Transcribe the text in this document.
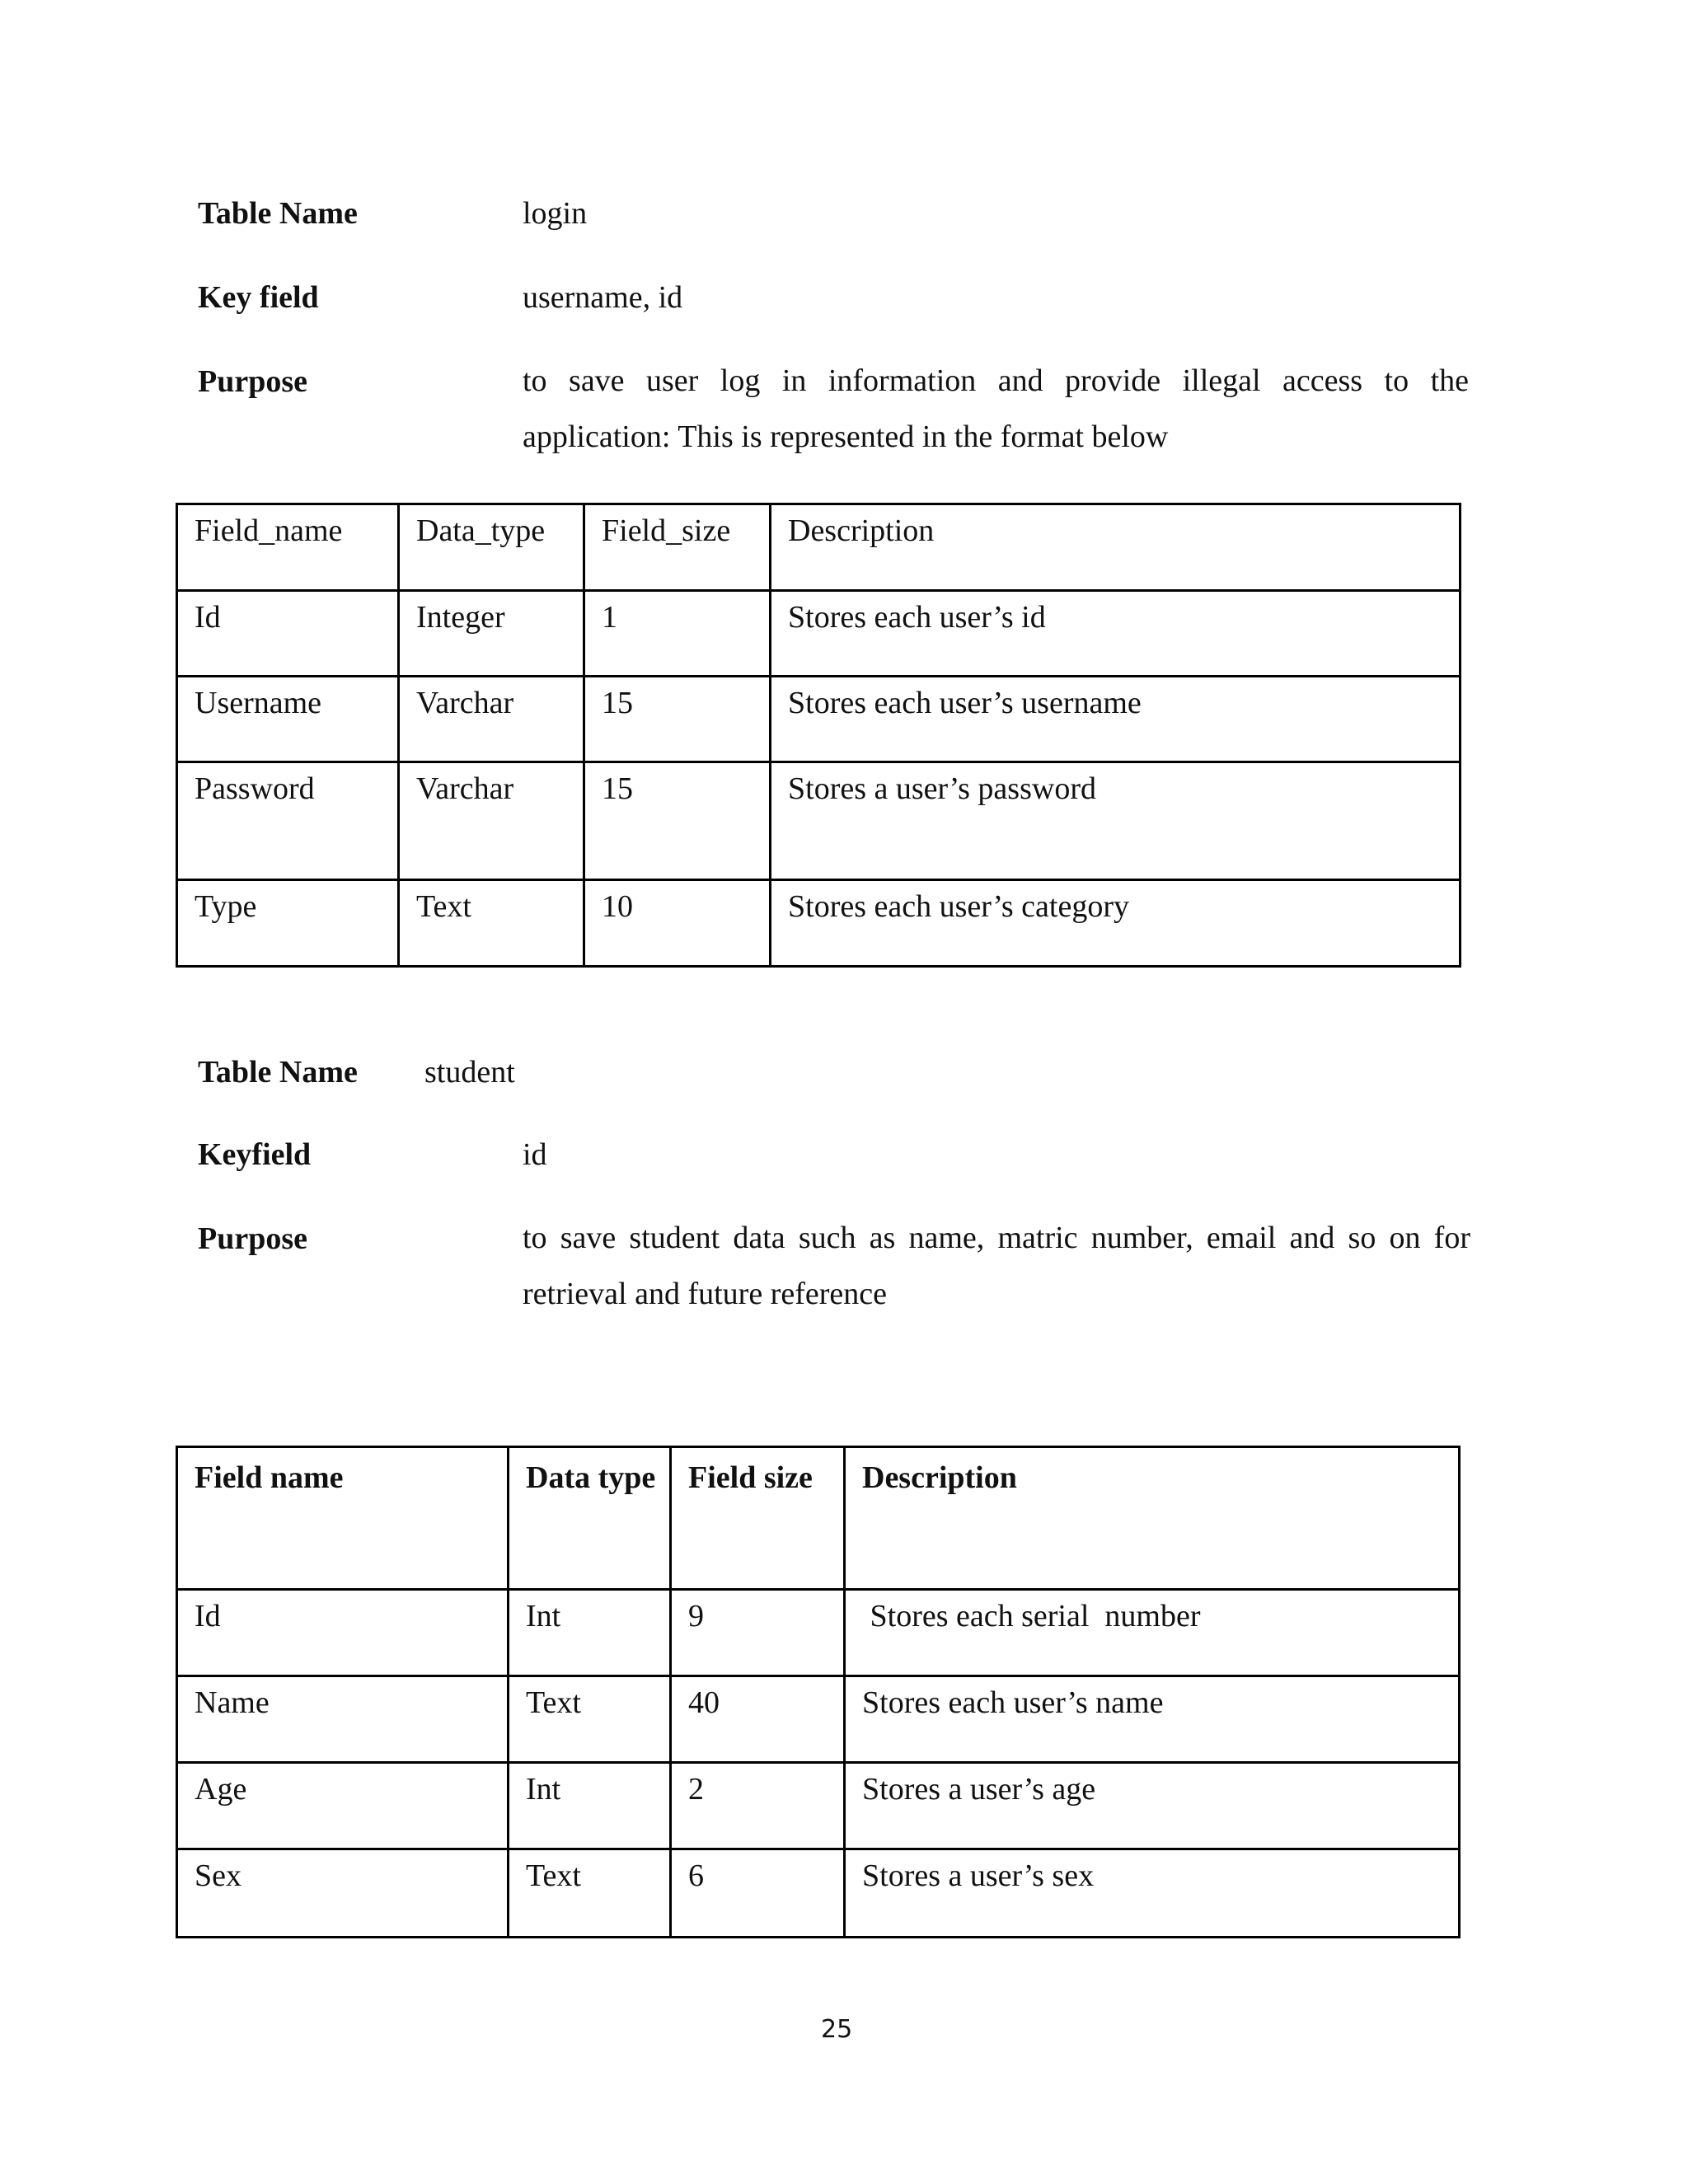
Table Name	login
Key field	username, id
Purpose	to save user log in information and provide illegal access to the application: This is represented in the format below
Field_name	Data_type	Field_size	Description
Id	Integer	1	Stores each user’s id
Username	Varchar	15	Stores each user’s username
Password	Varchar	15	Stores a user’s password
Type	Text	10	Stores each user’s category
Table Name student
Keyfield	id
Purpose	to save student data such as name, matric number, email and so on for retrieval and future reference
Field name	Data type	Field size	Description
Id	Int	9	Stores each serial  number
Name	Text	40	Stores each user’s name
Age	Int	2	Stores a user’s age
Sex	Text	6	Stores a user’s sex
25
